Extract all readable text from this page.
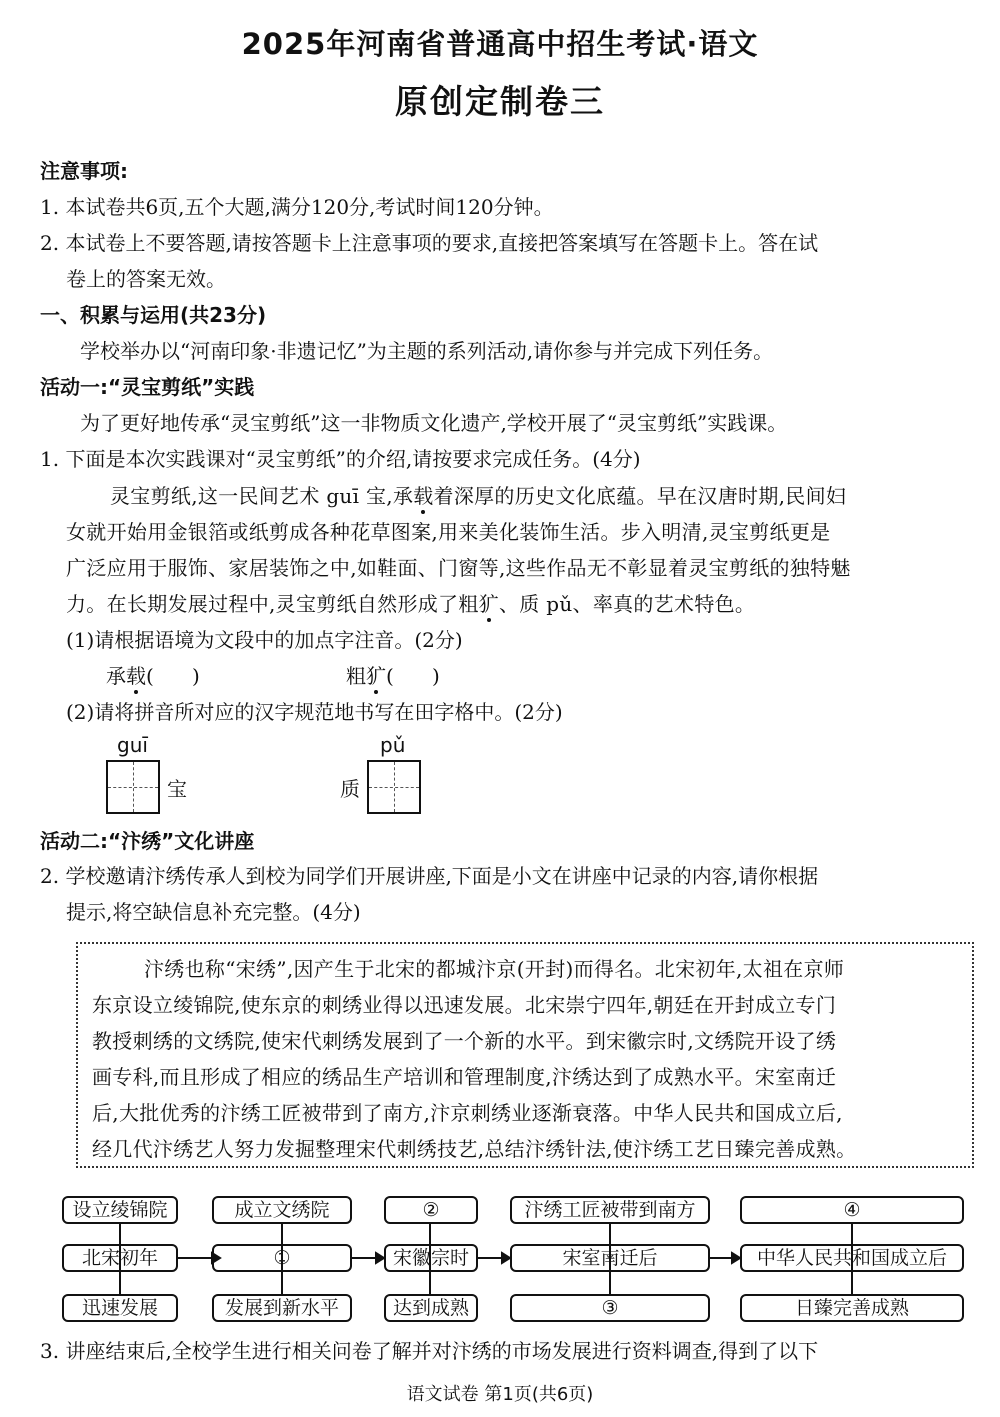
2025年河南省普通高中招生考试·语文
原创定制卷三
注意事项:
1. 本试卷共6页,五个大题,满分120分,考试时间120分钟。
2. 本试卷上不要答题,请按答题卡上注意事项的要求,直接把答案填写在答题卡上。答在试
卷上的答案无效。
一、积累与运用(共23分)
学校举办以“河南印象·非遗记忆”为主题的系列活动,请你参与并完成下列任务。
活动一:“灵宝剪纸”实践
为了更好地传承“灵宝剪纸”这一非物质文化遗产,学校开展了“灵宝剪纸”实践课。
1. 下面是本次实践课对“灵宝剪纸”的介绍,请按要求完成任务。(4分)
灵宝剪纸,这一民间艺术 guī 宝,承载着深厚的历史文化底蕴。早在汉唐时期,民间妇
女就开始用金银箔或纸剪成各种花草图案,用来美化装饰生活。步入明清,灵宝剪纸更是
广泛应用于服饰、家居装饰之中,如鞋面、门窗等,这些作品无不彰显着灵宝剪纸的独特魅
力。在长期发展过程中,灵宝剪纸自然形成了粗犷、质 pǔ、率真的艺术特色。
(1)请根据语境为文段中的加点字注音。(2分)
承载(      )	粗犷(      )
(2)请将拼音所对应的汉字规范地书写在田字格中。(2分)
guī
宝
pǔ
质
活动二:“汴绣”文化讲座
2. 学校邀请汴绣传承人到校为同学们开展讲座,下面是小文在讲座中记录的内容,请你根据
提示,将空缺信息补充完整。(4分)
汴绣也称“宋绣”,因产生于北宋的都城汴京(开封)而得名。北宋初年,太祖在京师
东京设立绫锦院,使东京的刺绣业得以迅速发展。北宋崇宁四年,朝廷在开封成立专门
教授刺绣的文绣院,使宋代刺绣发展到了一个新的水平。到宋徽宗时,文绣院开设了绣
画专科,而且形成了相应的绣品生产培训和管理制度,汴绣达到了成熟水平。宋室南迁
后,大批优秀的汴绣工匠被带到了南方,汴京刺绣业逐渐衰落。中华人民共和国成立后,
经几代汴绣艺人努力发掘整理宋代刺绣技艺,总结汴绣针法,使汴绣工艺日臻完善成熟。
设立绫锦院
北宋初年
迅速发展
成立文绣院
①
发展到新水平
②
宋徽宗时
达到成熟
汴绣工匠被带到南方
宋室南迁后
③
④
中华人民共和国成立后
日臻完善成熟
3. 讲座结束后,全校学生进行相关问卷了解并对汴绣的市场发展进行资料调查,得到了以下
语文试卷 第1页(共6页)
